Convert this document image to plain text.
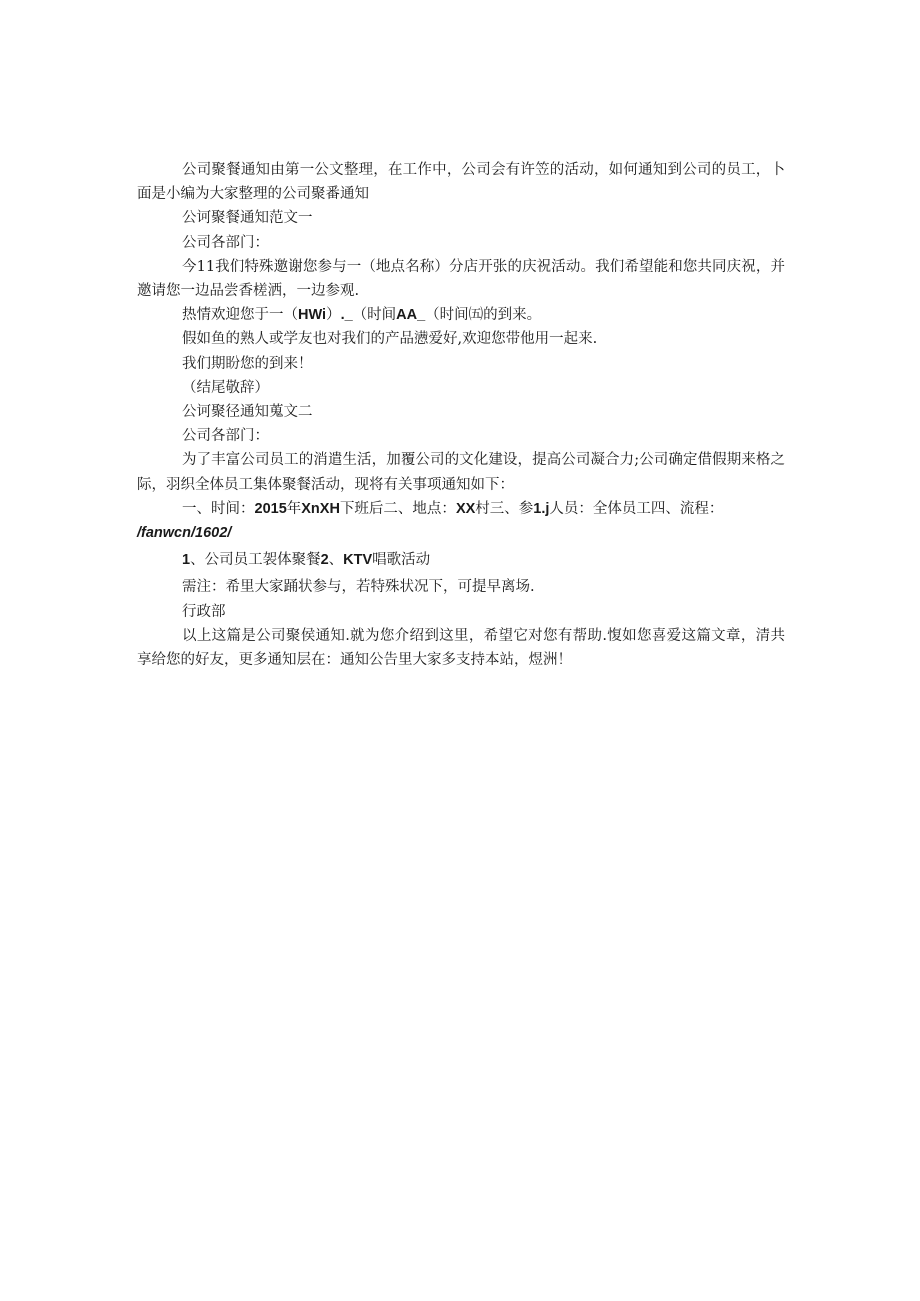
公司聚餐通知由第一公文整理，在工作中，公司会有许笠的活动，如何通知到公司的员工，卜面是小编为大家整理的公司聚番通知

公诃聚餐通知范文一

公司各部门：

今11我们特殊邀谢您参与一（地点名称）分店开张的庆祝活动。我们希望能和您共同庆祝，并邀请您一边品尝香槎洒，一边参观.

热情欢迎您于一（HWi）._（时间AA_（时间㈤的到来。

假如鱼的熟人或学友也对我们的产品懑爱好,欢迎您带他用一起来.

我们期盼您的到来！

（结尾敬辞）

公诃聚径通知蒐文二

公司各部门：

为了丰富公司员工的消遣生活，加覆公司的文化建设，提高公司凝合力;公司确定借假期来格之际，羽织全体员工集体聚餐活动，现将有关事项通知如下：

一、时间：2015年XnXH下班后二、地点：XX村三、参1.j人员：全体员工四、流程：
/fanwcn/1602/

1、公司员工袈体聚餐2、KTV唱歌活动

需注：希里大家踊状参与，若特殊状况下，可提早离场.

行政部

以上这篇是公司聚侯通知.就为您介绍到这里，希望它对您有帮助.愎如您喜爱这篇文章，清共享给您的好友，更多通知层在：通知公告里大家多支持本站，煜洲！
